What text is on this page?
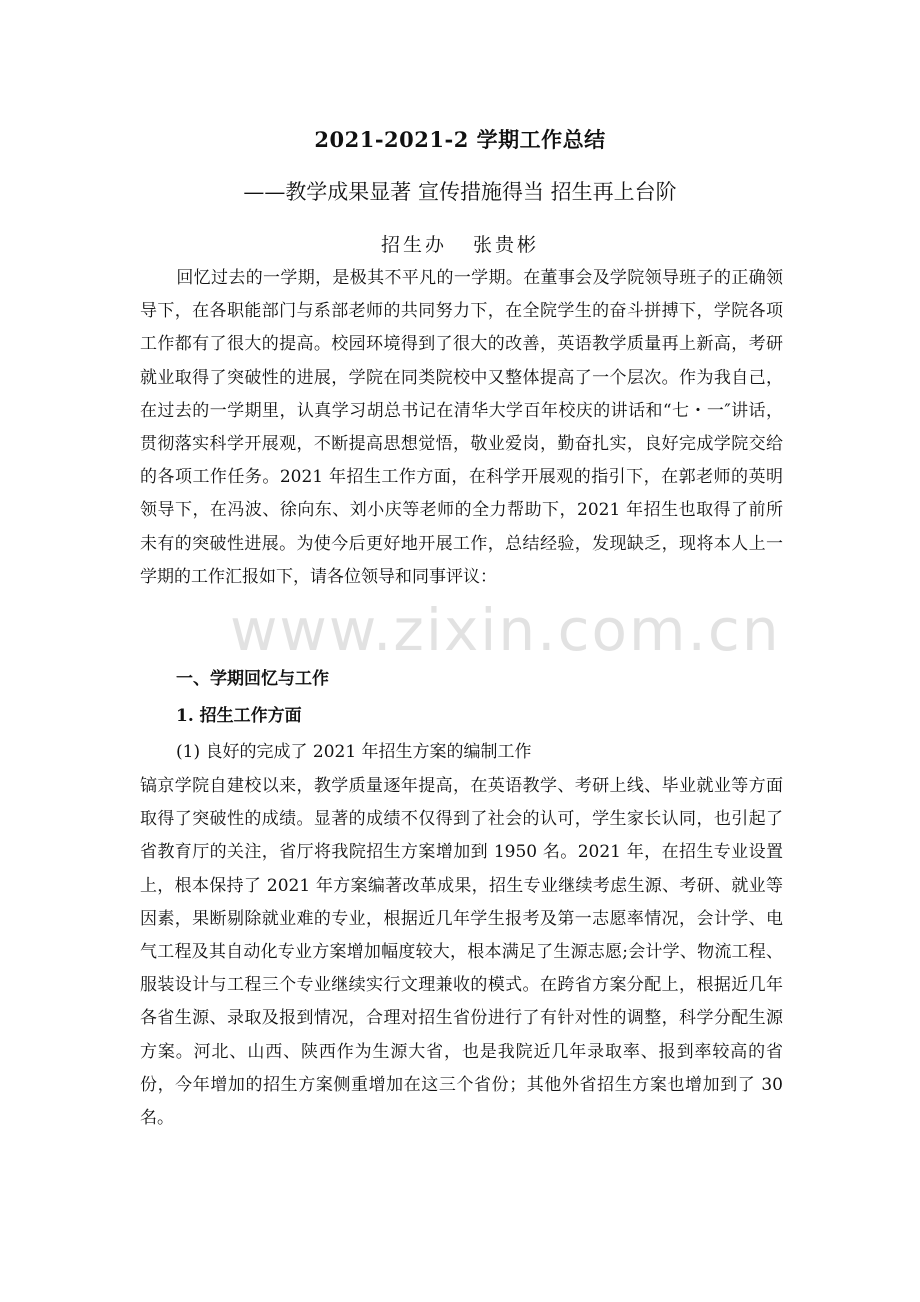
2021-2021-2 学期工作总结
——教学成果显著 宣传措施得当 招生再上台阶
招生办 张贵彬
回忆过去的一学期，是极其不平凡的一学期。在董事会及学院领导班子的正确领导下，在各职能部门与系部老师的共同努力下，在全院学生的奋斗拼搏下，学院各项工作都有了很大的提高。校园环境得到了很大的改善，英语教学质量再上新高，考研就业取得了突破性的进展，学院在同类院校中又整体提高了一个层次。作为我自己，在过去的一学期里，认真学习胡总书记在清华大学百年校庆的讲话和“七・一″讲话，贯彻落实科学开展观，不断提高思想觉悟，敬业爱岗，勤奋扎实，良好完成学院交给的各项工作任务。2021 年招生工作方面，在科学开展观的指引下，在郭老师的英明领导下，在冯波、徐向东、刘小庆等老师的全力帮助下，2021 年招生也取得了前所未有的突破性进展。为使今后更好地开展工作，总结经验，发现缺乏，现将本人上一学期的工作汇报如下，请各位领导和同事评议：
一、学期回忆与工作
1. 招生工作方面
(1) 良好的完成了 2021 年招生方案的编制工作
镐京学院自建校以来，教学质量逐年提高，在英语教学、考研上线、毕业就业等方面取得了突破性的成绩。显著的成绩不仅得到了社会的认可，学生家长认同，也引起了省教育厅的关注，省厅将我院招生方案增加到 1950 名。2021 年，在招生专业设置上，根本保持了 2021 年方案编著改革成果，招生专业继续考虑生源、考研、就业等因素，果断剔除就业难的专业，根据近几年学生报考及第一志愿率情况，会计学、电气工程及其自动化专业方案增加幅度较大，根本满足了生源志愿;会计学、物流工程、服装设计与工程三个专业继续实行文理兼收的模式。在跨省方案分配上，根据近几年各省生源、录取及报到情况，合理对招生省份进行了有针对性的调整，科学分配生源方案。河北、山西、陕西作为生源大省，也是我院近几年录取率、报到率较高的省份，今年增加的招生方案侧重增加在这三个省份；其他外省招生方案也增加到了 30 名。
www.zixin.com.cn
